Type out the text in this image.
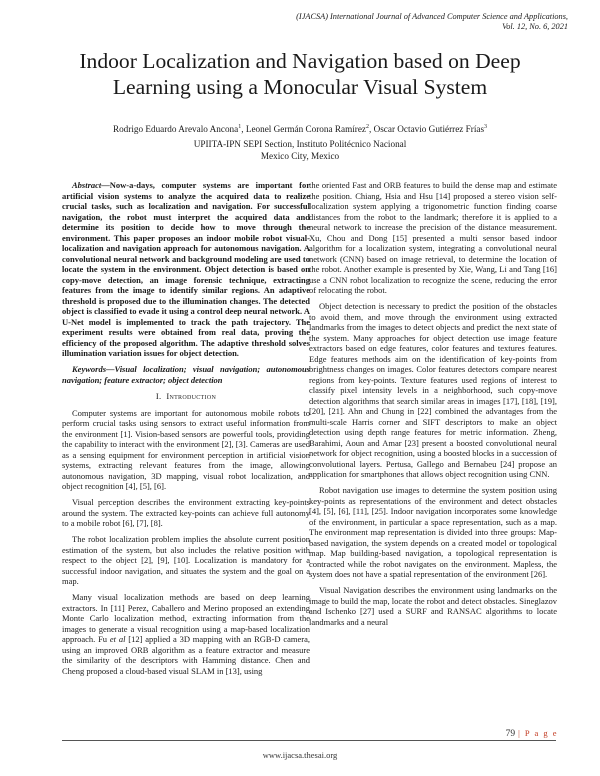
(IJACSA) International Journal of Advanced Computer Science and Applications,
Vol. 12, No. 6, 2021
Indoor Localization and Navigation based on Deep
Learning using a Monocular Visual System
Rodrigo Eduardo Arevalo Ancona$^1$, Leonel Germán Corona Ramírez$^2$, Oscar Octavio Gutiérrez Frías$^3$
UPIITA-IPN SEPI Section, Instituto Politécnico Nacional
Mexico City, Mexico

Abstract—Now-a-days, computer systems are important for artificial vision systems to analyze the acquired data to realize crucial tasks, such as localization and navigation. For successful navigation, the robot must interpret the acquired data and determine its position to decide how to move through the environment. This paper proposes an indoor mobile robot visual-localization and navigation approach for autonomous navigation. A convolutional neural network and background modeling are used to locate the system in the environment. Object detection is based on copy-move detection, an image forensic technique, extracting features from the image to identify similar regions. An adaptive threshold is proposed due to the illumination changes. The detected object is classified to evade it using a control deep neural network. A U-Net model is implemented to track the path trajectory. The experiment results were obtained from real data, proving the efficiency of the proposed algorithm. The adaptive threshold solves illumination variation issues for object detection.

Keywords—Visual localization; visual navigation; autonomous navigation; feature extractor; object detection

I. Introduction

Computer systems are important for autonomous mobile robots to perform crucial tasks using sensors to extract useful information from the environment [1]. Vision-based sensors are powerful tools, providing the capability to interact with the environment [2], [3]. Cameras are used as a sensing equipment for environment perception in artificial vision systems, extracting relevant features from the image, allowing autonomous navigation, 3D mapping, visual robot localization, and object recognition [4], [5], [6].

Visual perception describes the environment extracting key-points around the system. The extracted key-points can achieve full autonomy to a mobile robot [6], [7], [8].

The robot localization problem implies the absolute current position estimation of the system, but also includes the relative position with respect to the object [2], [9], [10]. Localization is mandatory for a successful indoor navigation, and situates the system and the goal on a map.

Many visual localization methods are based on deep learning extractors. In [11] Perez, Caballero and Merino proposed an extending Monte Carlo localization method, extracting information from the images to generate a visual recognition using a map-based localization approach. Fu et al [12] applied a 3D mapping with an RGB-D camera, using an improved ORB algorithm as a feature extractor and measure the similarity of the descriptors with Hamming distance. Chen and Cheng proposed a cloud-based visual SLAM in [13], using

the oriented Fast and ORB features to build the dense map and estimate the position. Chiang, Hsia and Hsu [14] proposed a stereo vision self-localization system applying a trigonometric function finding coarse distances from the robot to the landmark; therefore it is applied to a neural network to increase the precision of the distance measurement. Xu, Chou and Dong [15] presented a multi sensor based indoor algorithm for a localization system, integrating a convolutional neural network (CNN) based on image retrieval, to determine the location of the robot. Another example is presented by Xie, Wang, Li and Tang [16] use a CNN robot localization to recognize the scene, reducing the error of relocating the robot.

Object detection is necessary to predict the position of the obstacles to avoid them, and move through the environment using extracted landmarks from the images to detect objects and predict the next state of the system. Many approaches for object detection use image feature extractors based on edge features, color features and textures features. Edge features methods aim on the identification of key-points from brightness changes on images. Color features detectors compare nearest regions from key-points. Texture features used regions of interest to classify pixel intensity levels in a neighborhood, such copy-move detection algorithms that search similar areas in images [17], [18], [19], [20], [21]. Ahn and Chung in [22] combined the advantages from the multi-scale Harris corner and SIFT descriptors to make an object detection using depth range features for metric information. Zheng, Barahimi, Aoun and Amar [23] present a boosted convolutional neural network for object recognition, using a boosted blocks in a succession of convolutional layers. Pertusa, Gallego and Bernabeu [24] propose an application for smartphones that allows object recognition using CNN.

Robot navigation use images to determine the system position using key-points as representations of the environment and detect obstacles [4], [5], [6], [11], [25]. Indoor navigation incorporates some knowledge of the environment, in particular a space representation, such as a map. The environment map representation is divided into three groups: Map-based navigation, the system depends on a created model or topological map. Map building-based navigation, a topological representation is contracted while the robot navigates on the environment. Mapless, the system does not have a spatial representation of the environment [26].

Visual Navigation describes the environment using landmarks on the image to build the map, locate the robot and detect obstacles. Sineglazov and Ischenko [27] used a SURF and RANSAC algorithms to locate landmarks and a neural

79 | P a g e
www.ijacsa.thesai.org
